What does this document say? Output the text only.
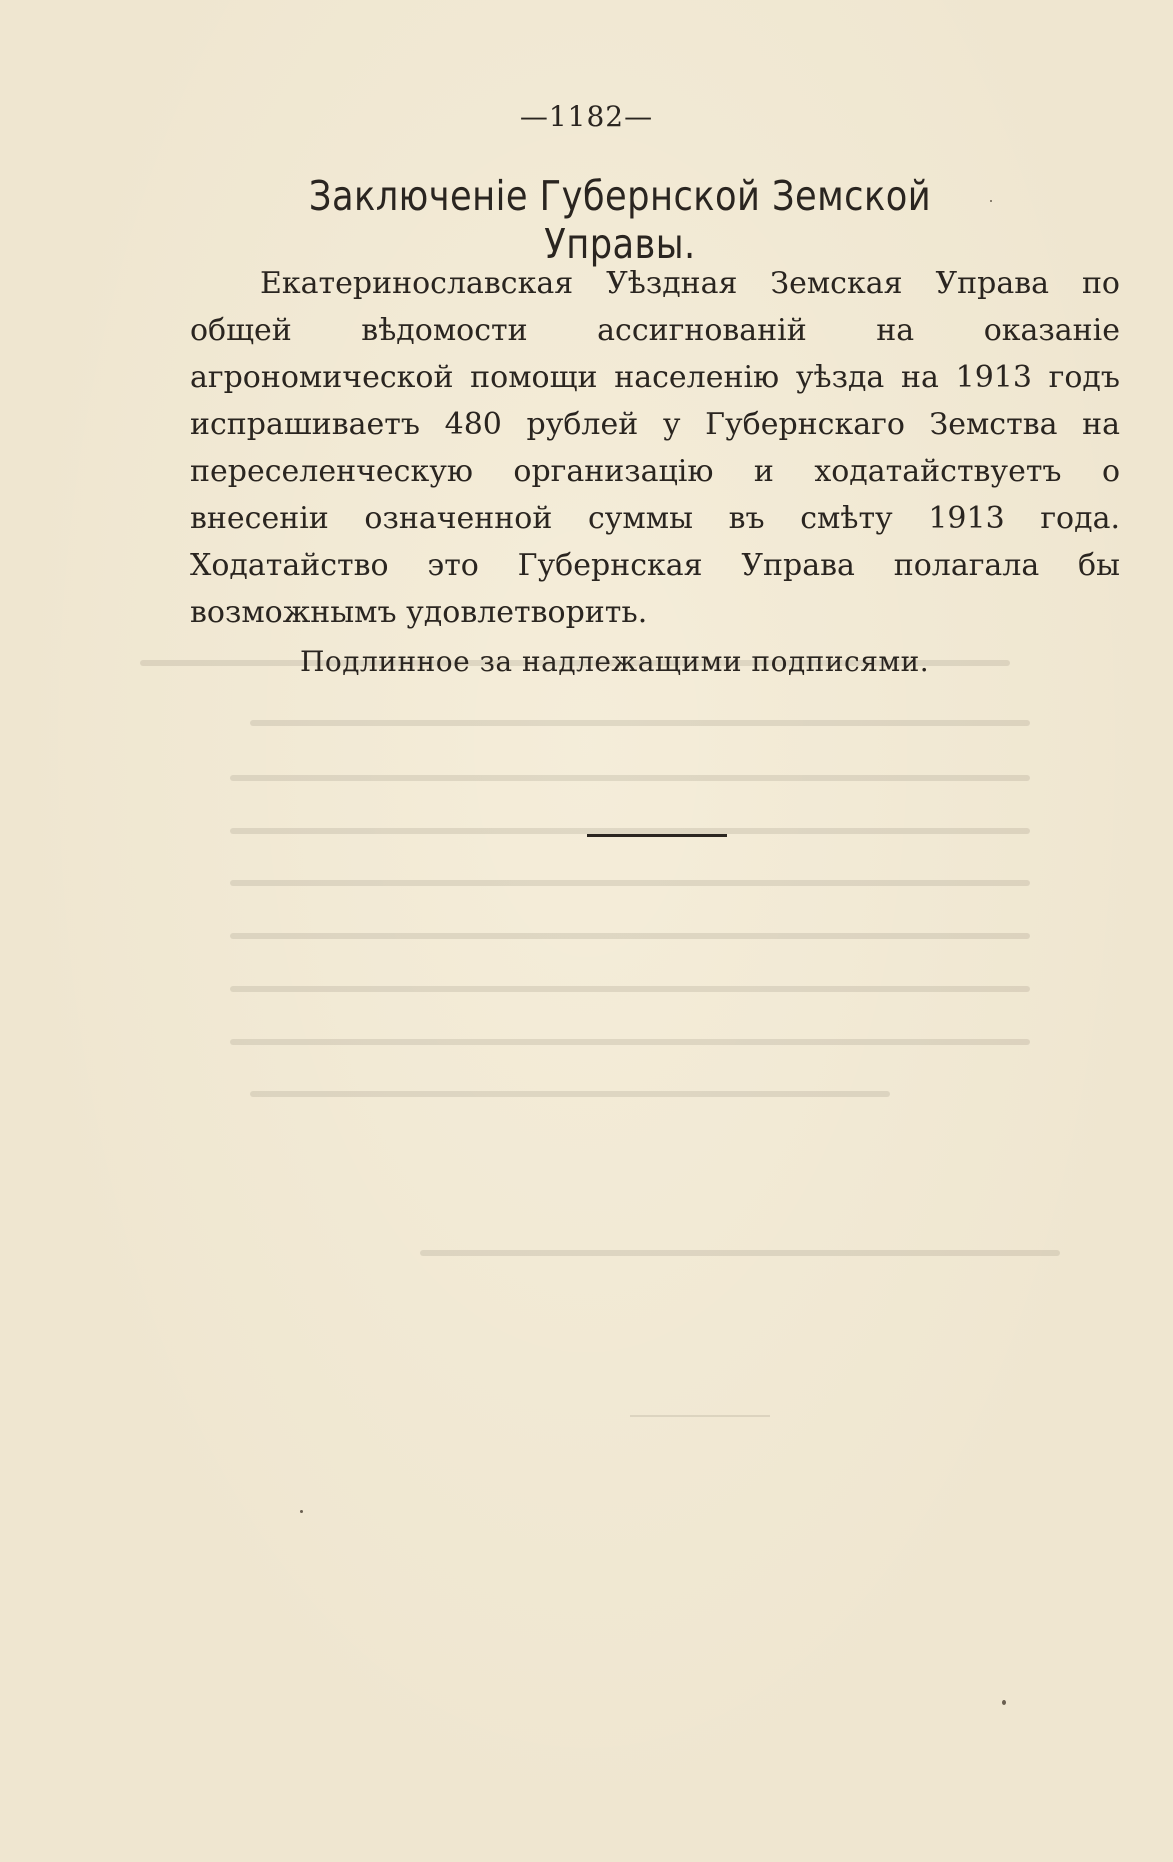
—1182—
Заключеніе Губернской Земской Управы.

Екатеринославская Уѣздная Земская Управа по общей вѣдомости ассигнованій на оказаніе агрономической помощи населенію уѣзда на 1913 годъ испрашиваетъ 480 рублей у Губернскаго Земства на переселенческую организацію и ходатайствуетъ о внесеніи означенной суммы въ смѣту 1913 года. Ходатайство это Губернская Управа полагала бы возможнымъ удовлетворить.

Подлинное за надлежащими подписями.
